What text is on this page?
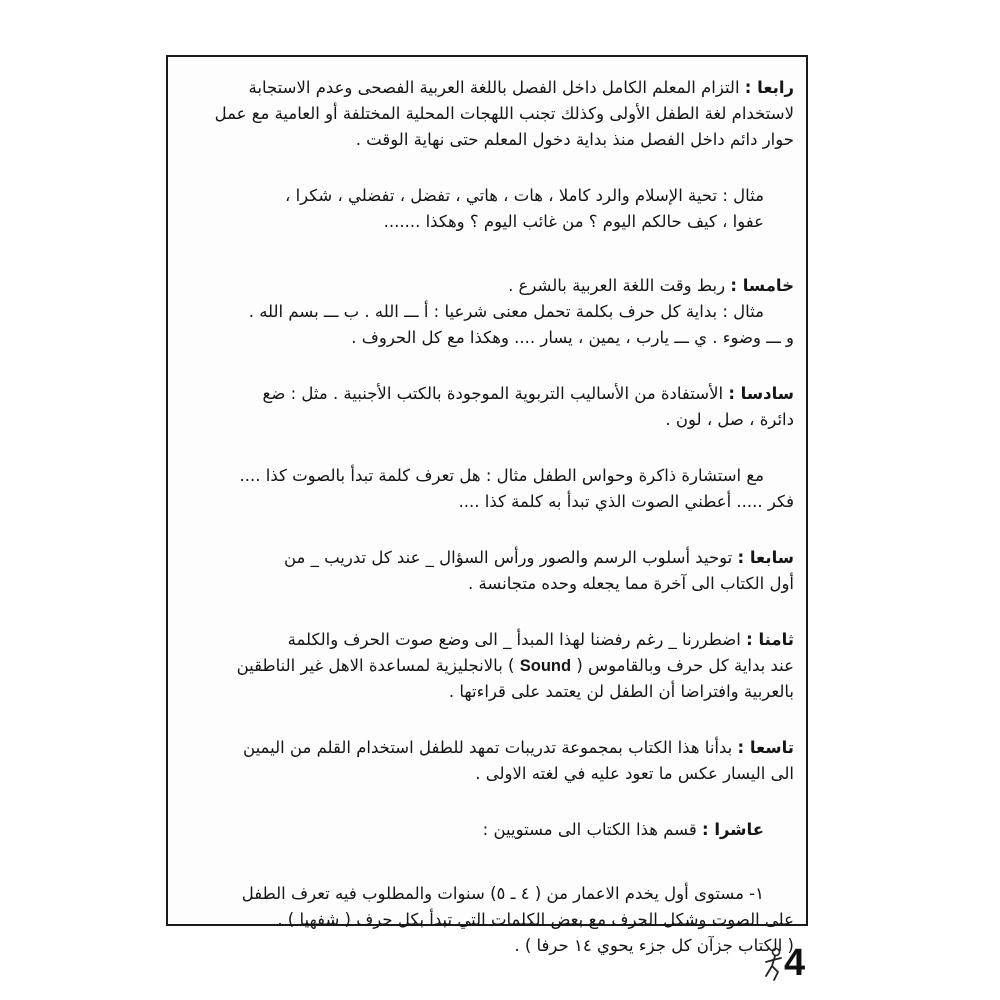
رابعا : التزام المعلم الكامل داخل الفصل باللغة العربية الفصحى وعدم الاستجابة
لاستخدام لغة الطفل الأولى وكذلك تجنب اللهجات المحلية المختلفة أو العامية مع عمل
حوار دائم داخل الفصل منذ بداية دخول المعلم حتى نهاية الوقت .
مثال : تحية الإسلام والرد كاملا ، هات ، هاتي ، تفضل ، تفضلي ، شكرا ،
عفوا ، كيف حالكم اليوم ؟ من غائب اليوم ؟ وهكذا .......
خامسا : ربط وقت اللغة العربية بالشرع .
مثال : بداية كل حرف بكلمة تحمل معنى شرعيا : أ ـــ الله . ب ـــ بسم الله .
و ـــ وضوء . ي ـــ يارب ، يمين ، يسار .... وهكذا مع كل الحروف .
سادسا : الأستفادة من الأساليب التربوية الموجودة بالكتب الأجنبية . مثل : ضع
دائرة ، صل ، لون .
مع استشارة ذاكرة وحواس الطفل مثال : هل تعرف كلمة تبدأ بالصوت كذا ....
فكر ..... أعطني الصوت الذي تبدأ به كلمة كذا ....
سابعا : توحيد أسلوب الرسم والصور ورأس السؤال _ عند كل تدريب _ من
أول الكتاب الى آخرة مما يجعله وحده متجانسة .
ثامنا : اضطررنا _ رغم رفضنا لهذا المبدأ _ الى وضع صوت الحرف والكلمة
عند بداية كل حرف وبالقاموس ( Sound ) بالانجليزية لمساعدة الاهل غير الناطقين
بالعربية وافتراضا أن الطفل لن يعتمد على قراءتها .
تاسعا : بدأنا هذا الكتاب بمجموعة تدريبات تمهد للطفل استخدام القلم من اليمين
الى اليسار عكس ما تعود عليه في لغته الاولى .
عاشرا : قسم هذا الكتاب الى مستويين :
١- مستوى أول يخدم الاعمار من ( ٤ ـ ٥) سنوات والمطلوب فيه تعرف الطفل
على الصوت وشكل الحرف مع بعض الكلمات التي تبدأ بكل حرف ( شفهيا ) .
( الكتاب جزآن كل جزء يحوي ١٤ حرفا ) .
4
